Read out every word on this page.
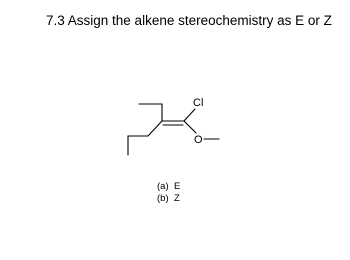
7.3 Assign the alkene stereochemistry as E or Z
Cl
O
(a) E
(b) Z
